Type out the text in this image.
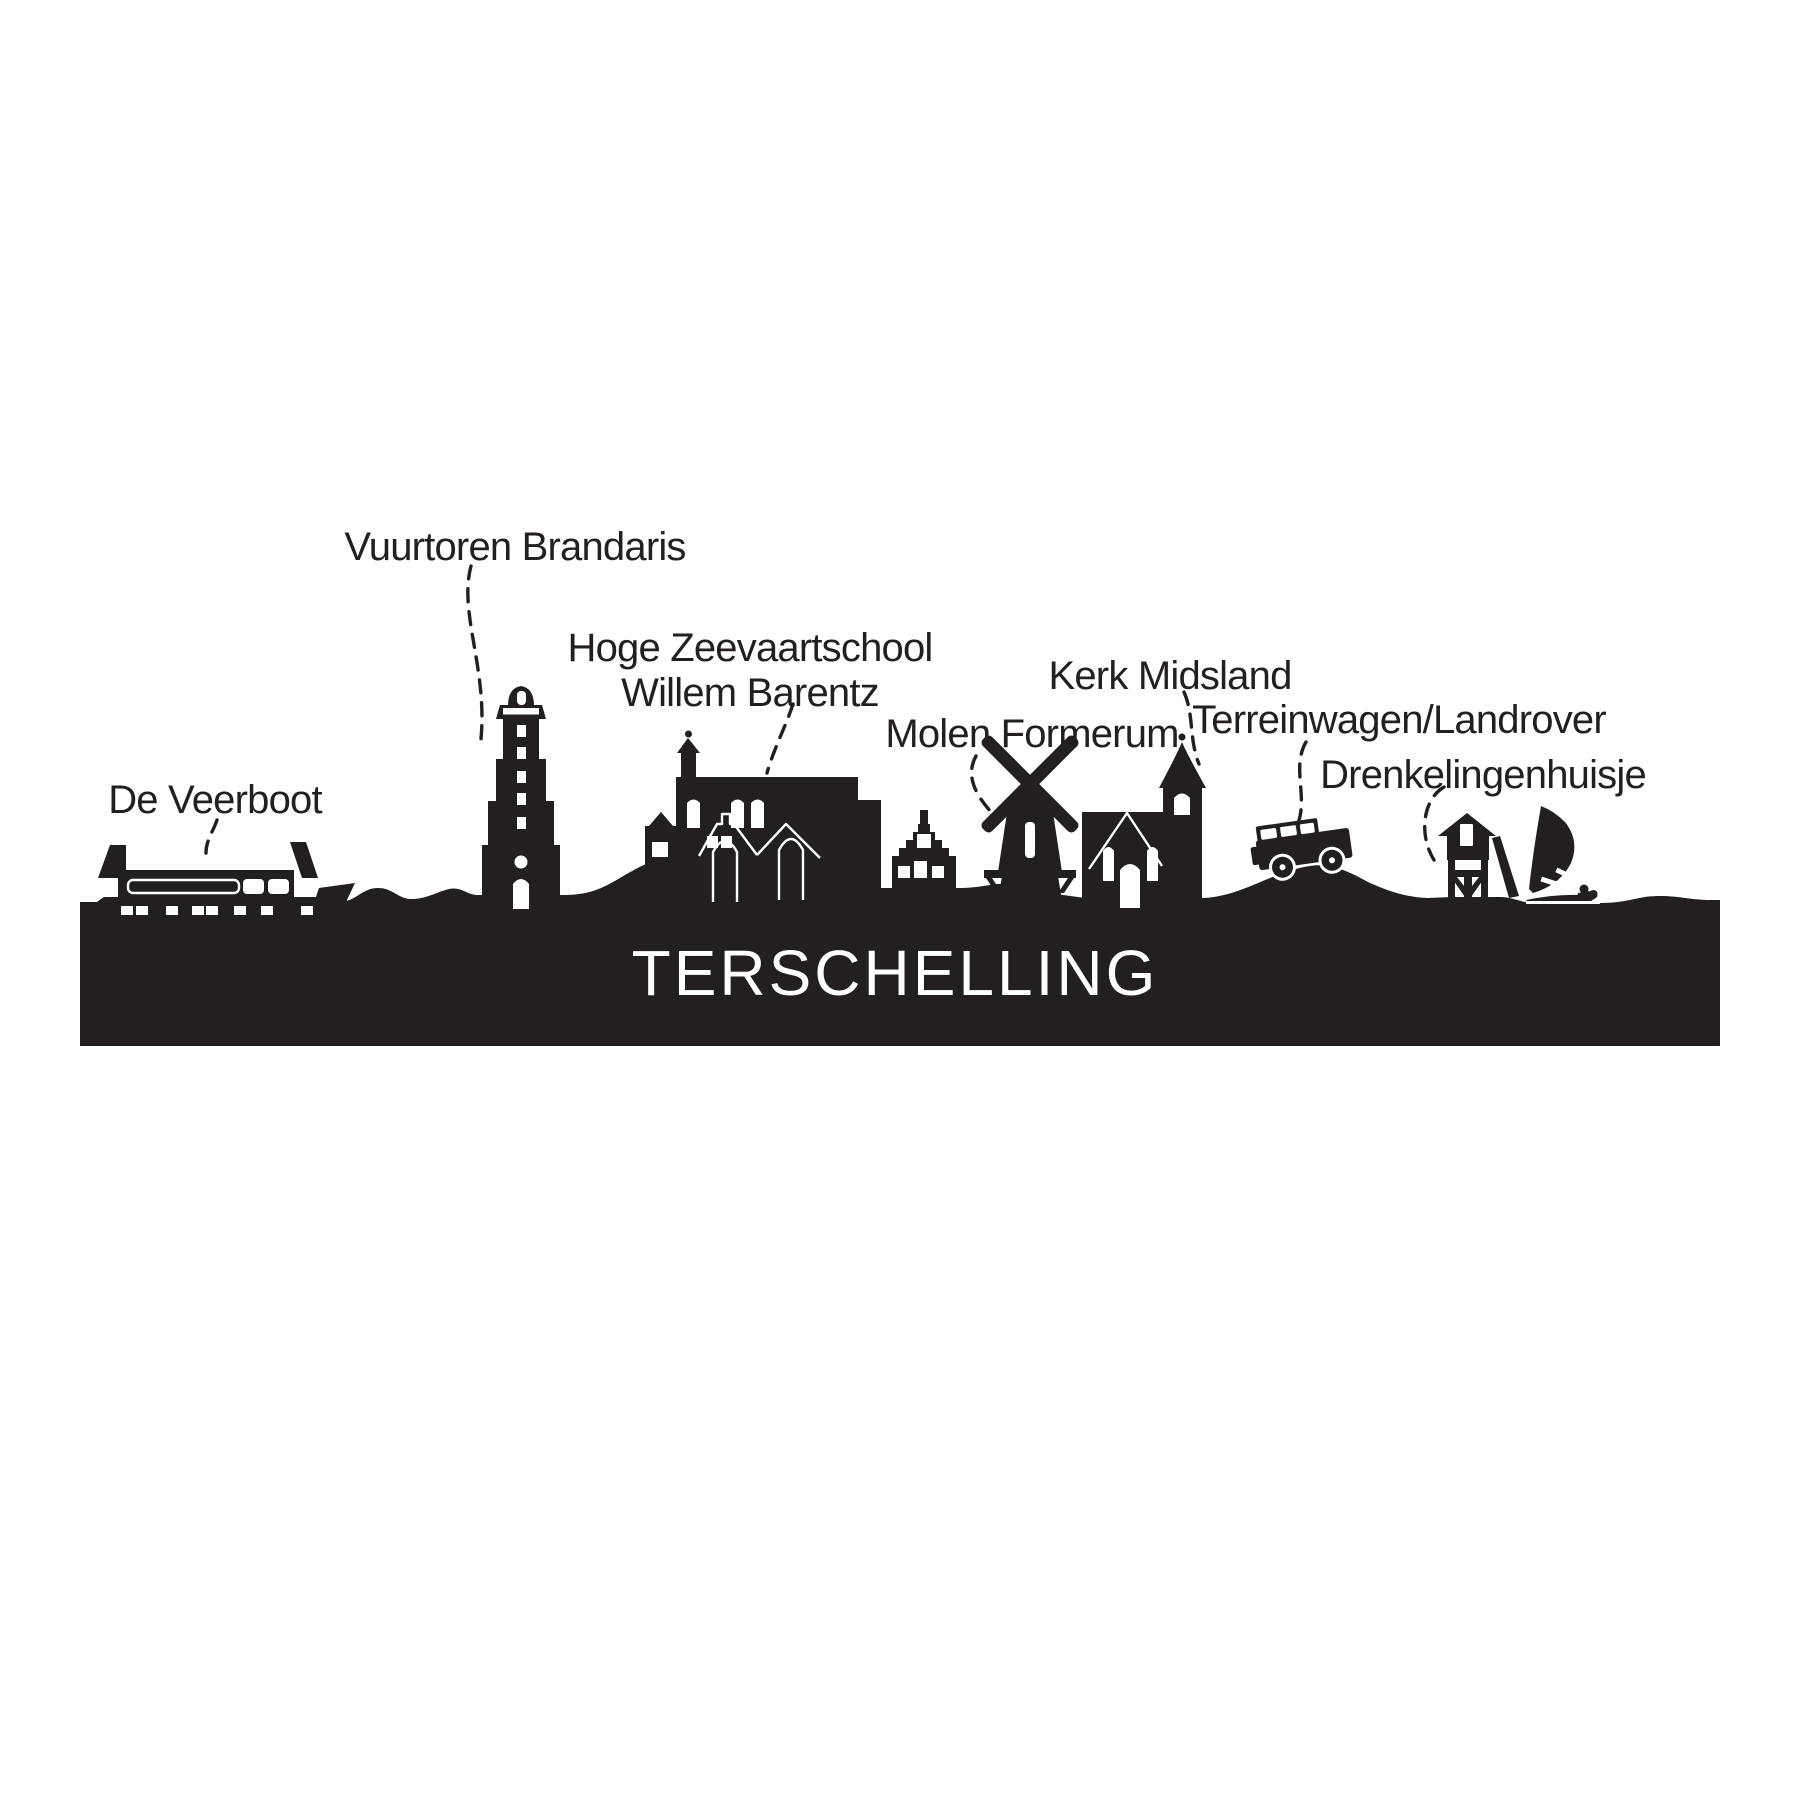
De Veerboot
Vuurtoren Brandaris
Hoge Zeevaartschool
Willem Barentz
Molen Formerum
Kerk Midsland
Terreinwagen/Landrover
Drenkelingenhuisje
TERSCHELLING
